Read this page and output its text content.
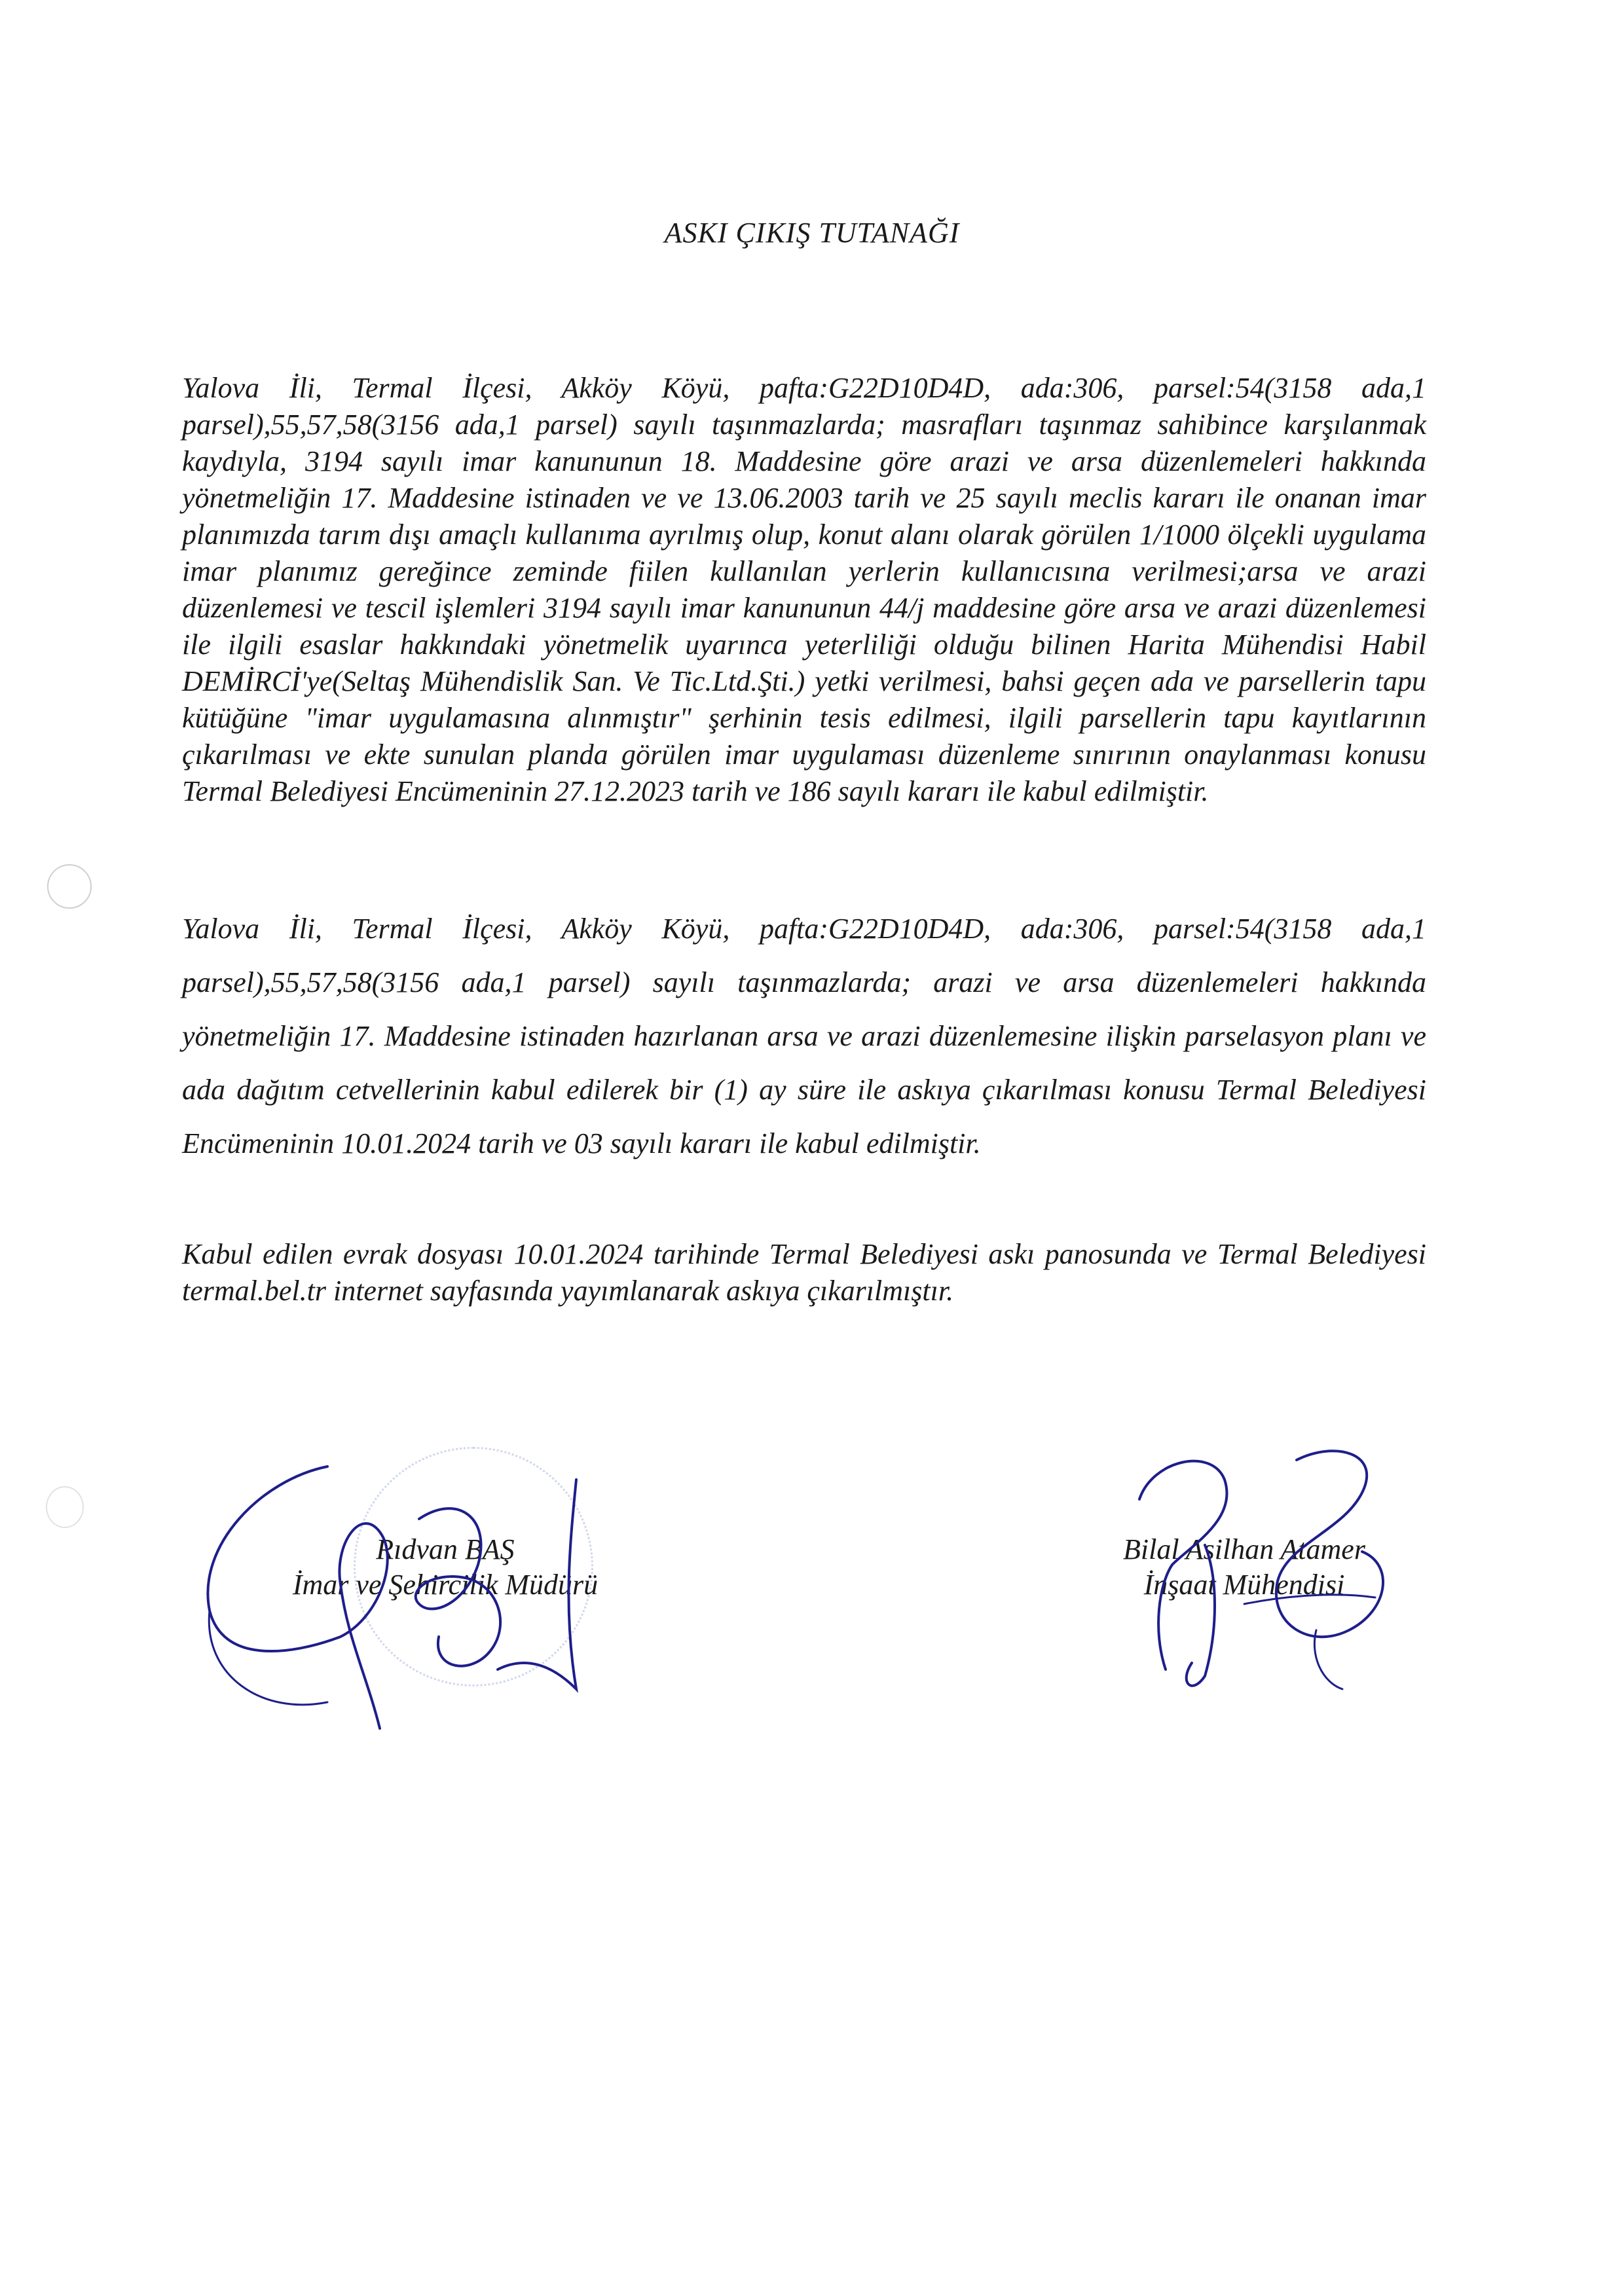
ASKI ÇIKIŞ TUTANAĞI

Yalova İli, Termal İlçesi, Akköy Köyü, pafta:G22D10D4D, ada:306, parsel:54(3158 ada,1 parsel),55,57,58(3156 ada,1 parsel) sayılı taşınmazlarda; masrafları taşınmaz sahibince karşılanmak kaydıyla, 3194 sayılı imar kanununun 18. Maddesine göre arazi ve arsa düzenlemeleri hakkında yönetmeliğin 17. Maddesine istinaden ve ve 13.06.2003 tarih ve 25 sayılı meclis kararı ile onanan imar planımızda tarım dışı amaçlı kullanıma ayrılmış olup, konut alanı olarak görülen 1/1000 ölçekli uygulama imar planımız gereğince zeminde fiilen kullanılan yerlerin kullanıcısına verilmesi;arsa ve arazi düzenlemesi ve tescil işlemleri 3194 sayılı imar kanununun 44/j maddesine göre arsa ve arazi düzenlemesi ile ilgili esaslar hakkındaki yönetmelik uyarınca yeterliliği olduğu bilinen Harita Mühendisi Habil DEMİRCİ'ye(Seltaş Mühendislik San. Ve Tic.Ltd.Şti.) yetki verilmesi, bahsi geçen ada ve parsellerin tapu kütüğüne "imar uygulamasına alınmıştır" şerhinin tesis edilmesi, ilgili parsellerin tapu kayıtlarının çıkarılması ve ekte sunulan planda görülen imar uygulaması düzenleme sınırının onaylanması konusu Termal Belediyesi Encümeninin 27.12.2023 tarih ve 186 sayılı kararı ile kabul edilmiştir.

Yalova İli, Termal İlçesi, Akköy Köyü, pafta:G22D10D4D, ada:306, parsel:54(3158 ada,1 parsel),55,57,58(3156 ada,1 parsel) sayılı taşınmazlarda; arazi ve arsa düzenlemeleri hakkında yönetmeliğin 17. Maddesine istinaden hazırlanan arsa ve arazi düzenlemesine ilişkin parselasyon planı ve ada dağıtım cetvellerinin kabul edilerek bir (1) ay süre ile askıya çıkarılması konusu Termal Belediyesi Encümeninin 10.01.2024 tarih ve 03 sayılı kararı ile kabul edilmiştir.

Kabul edilen evrak dosyası 10.01.2024 tarihinde Termal Belediyesi askı panosunda ve Termal Belediyesi termal.bel.tr internet sayfasında yayımlanarak askıya çıkarılmıştır.

Rıdvan BAŞ
İmar ve Şehircilik Müdürü
Bilal Asilhan Atamer
İnşaat Mühendisi
